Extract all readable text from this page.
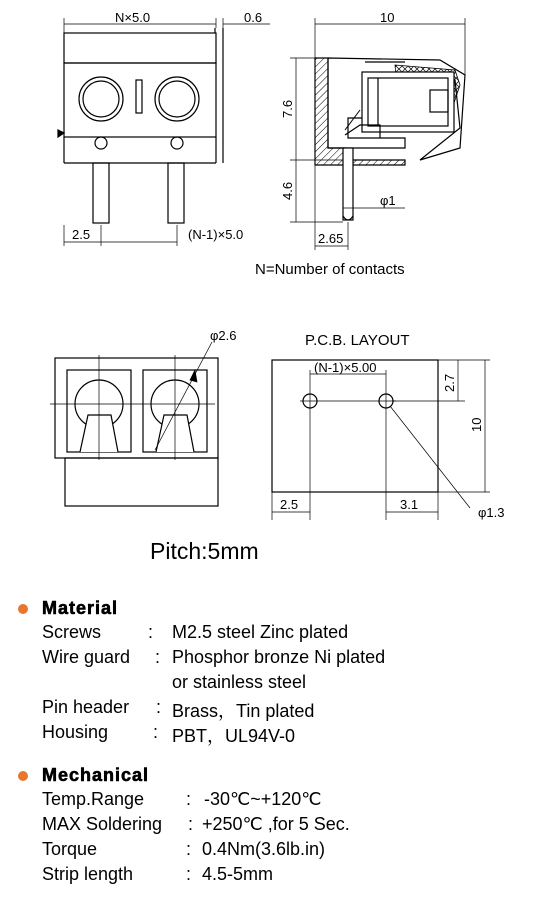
N×5.0	0.6
2.5	(N-1)×5.0
10
7.6
4.6
φ1
2.65
N=Number of contacts
φ2.6	P.C.B. LAYOUT
(N-1)×5.00
2.7
10
2.5	3.1
φ1.3
Pitch:5mm
Material
Screws	: M2.5 steel Zinc plated
Wire guard : Phosphor bronze Ni plated
or stainless steel
Pin header : Brass，Tin plated
Housing : PBT，UL94V-0
Mechanical
Temp.Range : -30℃~+120℃
MAX Soldering : +250℃ ,for 5 Sec.
Torque	: 0.4Nm(3.6lb.in)
Strip length	: 4.5-5mm
